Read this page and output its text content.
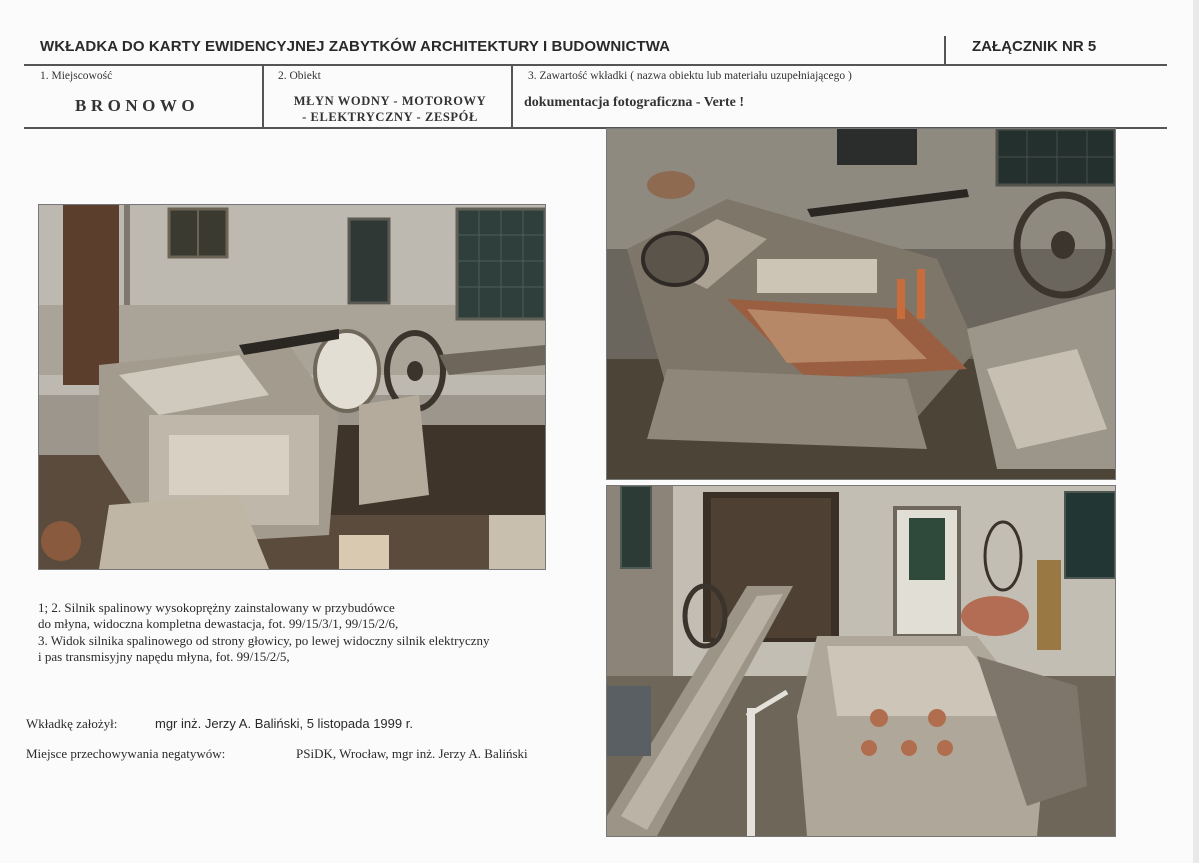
WKŁADKA DO KARTY EWIDENCYJNEJ ZABYTKÓW ARCHITEKTURY I BUDOWNICTWA	ZAŁĄCZNIK NR 5
1. Miejscowość
BRONOWO
2. Obiekt
MŁYN WODNY - MOTOROWY
- ELEKTRYCZNY - ZESPÓŁ
3. Zawartość wkładki ( nazwa obiektu lub materiału uzupełniającego )
dokumentacja fotograficzna - Verte !
1; 2. Silnik spalinowy wysokoprężny zainstalowany w przybudówce
do młyna, widoczna kompletna dewastacja, fot. 99/15/3/1, 99/15/2/6,
3. Widok silnika spalinowego od strony głowicy, po lewej widoczny silnik elektryczny
i pas transmisyjny napędu młyna, fot. 99/15/2/5,
Wkładkę założył:	mgr inż. Jerzy A. Baliński, 5 listopada 1999 r.
Miejsce przechowywania negatywów:	PSiDK, Wrocław, mgr inż. Jerzy A. Baliński
